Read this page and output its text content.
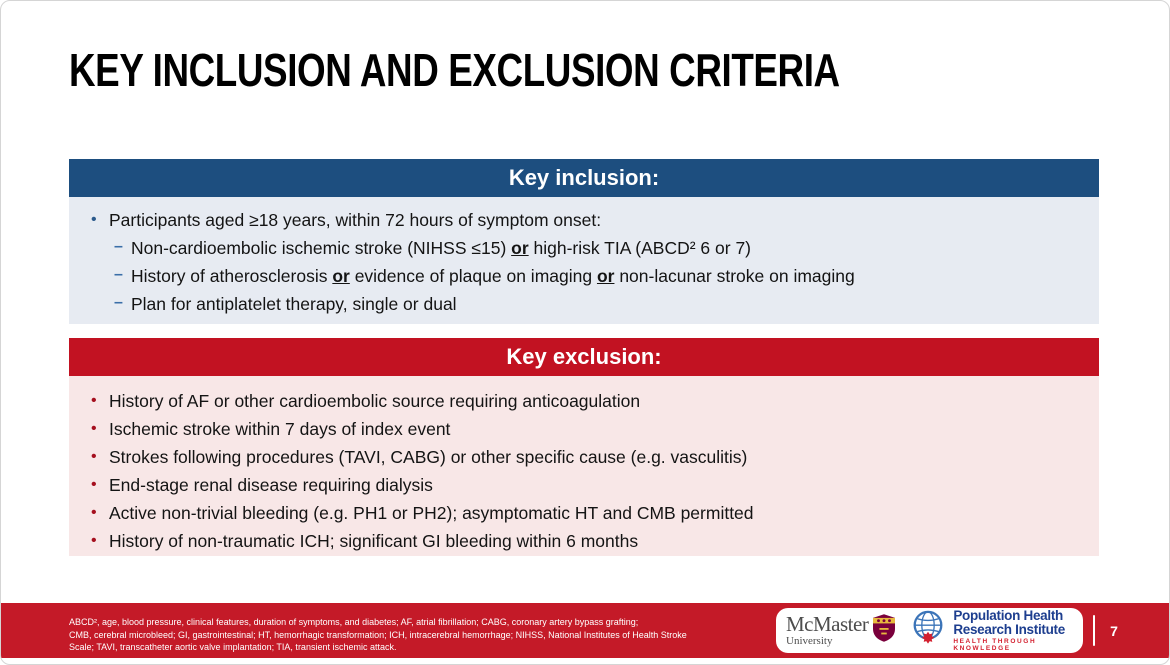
KEY INCLUSION AND EXCLUSION CRITERIA
Key inclusion:
• Participants aged ≥18 years, within 72 hours of symptom onset:
– Non-cardioembolic ischemic stroke (NIHSS ≤15) or high-risk TIA (ABCD² 6 or 7)
– History of atherosclerosis or evidence of plaque on imaging or non-lacunar stroke on imaging
– Plan for antiplatelet therapy, single or dual
Key exclusion:
• History of AF or other cardioembolic source requiring anticoagulation
• Ischemic stroke within 7 days of index event
• Strokes following procedures (TAVI, CABG) or other specific cause (e.g. vasculitis)
• End-stage renal disease requiring dialysis
• Active non-trivial bleeding (e.g. PH1 or PH2); asymptomatic HT and CMB permitted
• History of non-traumatic ICH; significant GI bleeding within 6 months
ABCD², age, blood pressure, clinical features, duration of symptoms, and diabetes; AF, atrial fibrillation; CABG, coronary artery bypass grafting;
CMB, cerebral microbleed; GI, gastrointestinal; HT, hemorrhagic transformation; ICH, intracerebral hemorrhage; NIHSS, National Institutes of Health Stroke
Scale; TAVI, transcatheter aortic valve implantation; TIA, transient ischemic attack.
McMaster
University
Population Health
Research Institute
HEALTH THROUGH KNOWLEDGE
7
